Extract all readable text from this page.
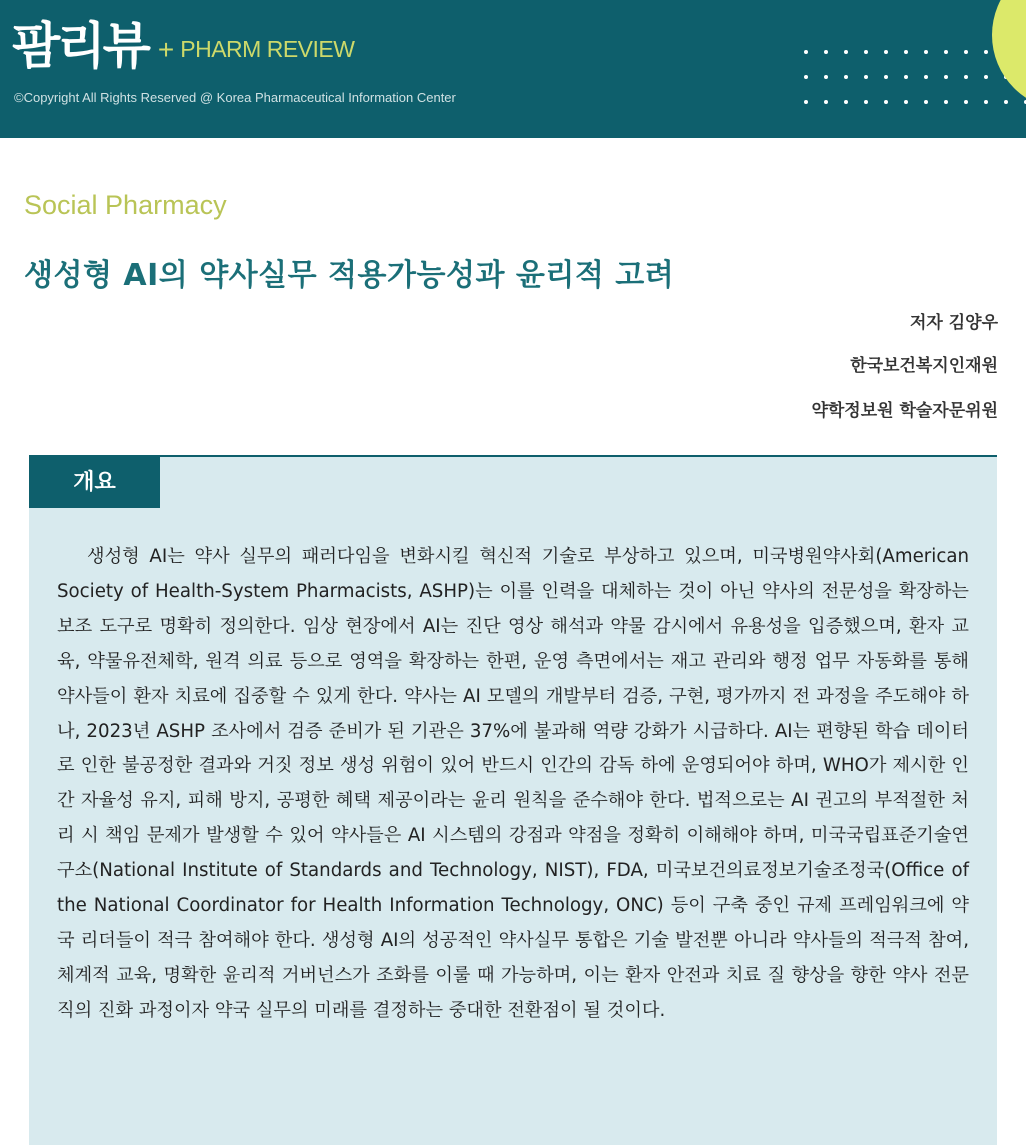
팜리뷰 + PHARM REVIEW
©Copyright All Rights Reserved @ Korea Pharmaceutical Information Center
Social Pharmacy
생성형 AI의 약사실무 적용가능성과 윤리적 고려
저자 김양우
한국보건복지인재원
약학정보원 학술자문위원
개요

생성형 AI는 약사 실무의 패러다임을 변화시킬 혁신적 기술로 부상하고 있으며, 미국병원약사회(American Society of Health-System Pharmacists, ASHP)는 이를 인력을 대체하는 것이 아닌 약사의 전문성을 확장하는 보조 도구로 명확히 정의한다. 임상 현장에서 AI는 진단 영상 해석과 약물 감시에서 유용성을 입증했으며, 환자 교육, 약물유전체학, 원격 의료 등으로 영역을 확장하는 한편, 운영 측면에서는 재고 관리와 행정 업무 자동화를 통해 약사들이 환자 치료에 집중할 수 있게 한다. 약사는 AI 모델의 개발부터 검증, 구현, 평가까지 전 과정을 주도해야 하나, 2023년 ASHP 조사에서 검증 준비가 된 기관은 37%에 불과해 역량 강화가 시급하다. AI는 편향된 학습 데이터로 인한 불공정한 결과와 거짓 정보 생성 위험이 있어 반드시 인간의 감독 하에 운영되어야 하며, WHO가 제시한 인간 자율성 유지, 피해 방지, 공평한 혜택 제공이라는 윤리 원칙을 준수해야 한다. 법적으로는 AI 권고의 부적절한 처리 시 책임 문제가 발생할 수 있어 약사들은 AI 시스템의 강점과 약점을 정확히 이해해야 하며, 미국국립표준기술연구소(National Institute of Standards and Technology, NIST), FDA, 미국보건의료정보기술조정국(Office of the National Coordinator for Health Information Technology, ONC) 등이 구축 중인 규제 프레임워크에 약국 리더들이 적극 참여해야 한다. 생성형 AI의 성공적인 약사실무 통합은 기술 발전뿐 아니라 약사들의 적극적 참여, 체계적 교육, 명확한 윤리적 거버넌스가 조화를 이룰 때 가능하며, 이는 환자 안전과 치료 질 향상을 향한 약사 전문직의 진화 과정이자 약국 실무의 미래를 결정하는 중대한 전환점이 될 것이다.
